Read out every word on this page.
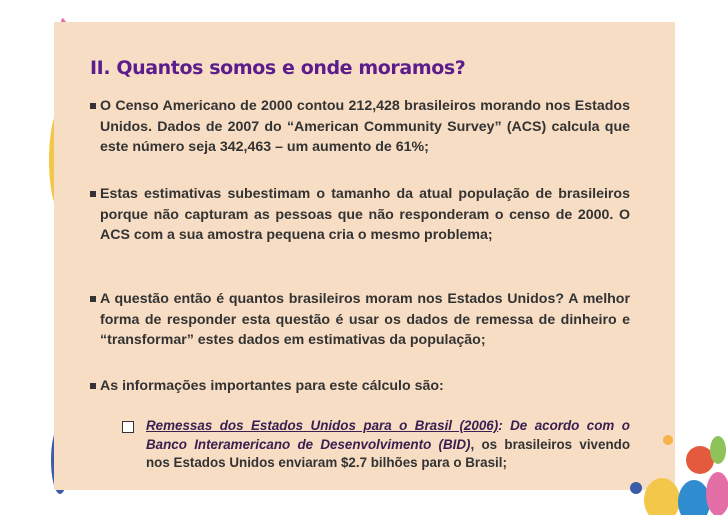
II. Quantos somos e onde moramos?
O Censo Americano de 2000 contou 212,428 brasileiros morando nos Estados Unidos. Dados de 2007 do “American Community Survey” (ACS) calcula que este número seja 342,463 – um aumento de 61%;
Estas estimativas subestimam o tamanho da atual população de brasileiros porque não capturam as pessoas que não responderam o censo de 2000. O ACS com a sua amostra pequena cria o mesmo problema;
A questão então é quantos brasileiros moram nos Estados Unidos? A melhor forma de responder esta questão é usar os dados de remessa de dinheiro e “transformar” estes dados em estimativas da população;
As informações importantes para este cálculo são:
Remessas dos Estados Unidos para o Brasil (2006): De acordo com o Banco Interamericano de Desenvolvimento (BID), os brasileiros vivendo nos Estados Unidos enviaram $2.7 bilhões para o Brasil;
